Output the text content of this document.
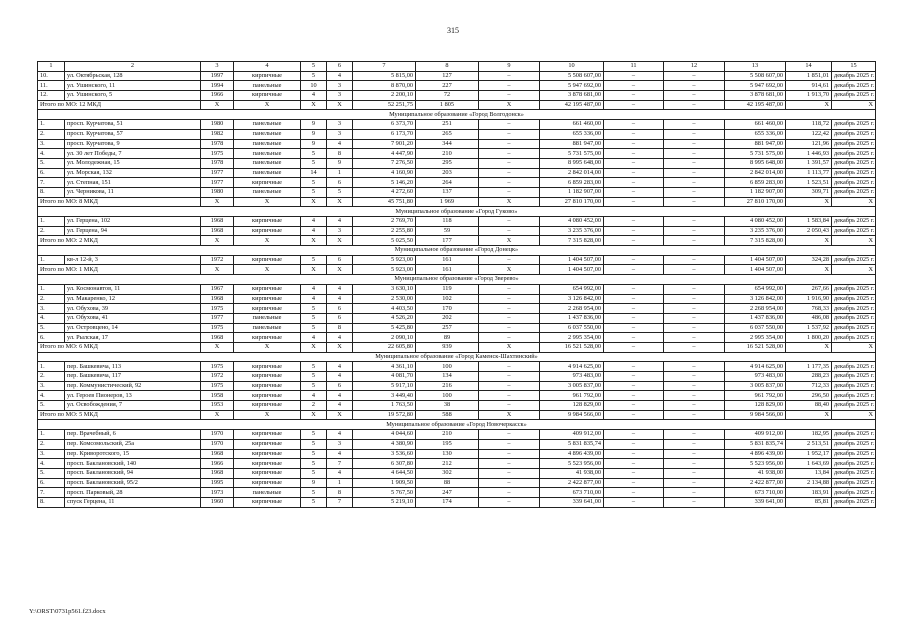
315
1	2	3	4	5	6	7	8	9	10	11	12	13	14	15
10.	ул. Октябрьская, 128	1997	кирпичные	5	4	5 815,00	127	–	5 508 607,00	–	–	5 508 607,00	1 851,01	декабрь 2025 г.
11.	ул. Ушинского, 11	1994	панельные	10	3	8 870,00	227	–	5 947 692,00	–	–	5 947 692,00	914,61	декабрь 2025 г.
12.	ул. Ушинского, 5	1966	кирпичные	4	3	2 200,10	72	–	3 878 681,00	–	–	3 878 681,00	1 913,70	декабрь 2025 г.
Итого по МО: 12 МКД		X	X	X	X	52 251,75	1 805	X	42 195 487,00	–	–	42 195 487,00	X	X
Муниципальное образование «Город Волгодонск»														
1.	просп. Курчатова, 51	1980	панельные	9	3	6 373,70	251	–	661 460,00	–	–	661 460,00	118,72	декабрь 2025 г.
2.	просп. Курчатова, 57	1982	панельные	9	3	6 173,70	265	–	655 336,00	–	–	655 336,00	122,42	декабрь 2025 г.
3.	просп. Курчатова, 9	1978	панельные	9	4	7 901,20	344	–	881 947,00	–	–	881 947,00	121,96	декабрь 2025 г.
4.	ул. 30 лет Победы, 7	1975	панельные	5	8	4 447,90	210	–	5 731 575,00	–	–	5 731 575,00	1 446,93	декабрь 2025 г.
5.	ул. Молодежная, 15	1978	панельные	5	9	7 276,50	295	–	8 995 648,00	–	–	8 995 648,00	1 391,57	декабрь 2025 г.
6.	ул. Морская, 132	1977	панельные	14	1	4 160,90	203	–	2 842 014,00	–	–	2 842 014,00	1 113,77	декабрь 2025 г.
7.	ул. Степная, 151	1977	кирпичные	5	6	5 146,20	264	–	6 859 283,00	–	–	6 859 283,00	1 523,51	декабрь 2025 г.
8.	ул. Черникова, 11	1980	панельные	5	5	4 272,60	137	–	1 182 907,00	–	–	1 182 907,00	309,71	декабрь 2025 г.
Итого по МО: 8 МКД		X	X	X	X	45 751,80	1 969	X	27 810 170,00	–	–	27 810 170,00	X	X
Муниципальное образование «Город Гуково»														
1.	ул. Герцена, 102	1968	кирпичные	4	4	2 769,70	118	–	4 080 452,00	–	–	4 080 452,00	1 583,84	декабрь 2025 г.
2.	ул. Герцена, 94	1968	кирпичные	4	3	2 255,80	59	–	3 235 376,00	–	–	3 235 376,00	2 050,43	декабрь 2025 г.
Итого по МО: 2 МКД		X	X	X	X	5 025,50	177	X	7 315 828,00	–	–	7 315 828,00	X	X
Муниципальное образование «Город Донецк»														
1.	кв-л 12-й, 3	1972	кирпичные	5	6	5 923,00	161	–	1 404 507,00	–	–	1 404 507,00	324,28	декабрь 2025 г.
Итого по МО: 1 МКД		X	X	X	X	5 923,00	161	X	1 404 507,00	–	–	1 404 507,00	X	X
Муниципальное образование «Город Зверево»														
1.	ул. Космонавтов, 11	1967	кирпичные	4	4	3 630,10	119	–	654 992,00	–	–	654 992,00	267,66	декабрь 2025 г.
2.	ул. Макаренко, 12	1968	кирпичные	4	4	2 530,00	102	–	3 126 842,00	–	–	3 126 842,00	1 916,90	декабрь 2025 г.
3.	ул. Обухова, 39	1975	кирпичные	5	6	4 403,50	170	–	2 268 954,00	–	–	2 268 954,00	768,33	декабрь 2025 г.
4.	ул. Обухова, 41	1977	панельные	5	6	4 526,20	202	–	1 437 836,00	–	–	1 437 836,00	486,08	декабрь 2025 г.
5.	ул. Островцено, 14	1975	панельные	5	8	5 425,80	257	–	6 037 550,00	–	–	6 037 550,00	1 537,92	декабрь 2025 г.
6.	ул. Рылская, 17	1968	кирпичные	4	4	2 090,10	89	–	2 995 354,00	–	–	2 995 354,00	1 800,20	декабрь 2025 г.
Итого по МО: 6 МКД		X	X	X	X	22 605,80	939	X	16 521 528,00	–	–	16 521 528,00	X	X
Муниципальное образование «Город Каменск-Шахтинский»														
1.	пер. Башкевича, 113	1975	кирпичные	5	4	4 361,10	100	–	4 914 625,00	–	–	4 914 625,00	1 177,35	декабрь 2025 г.
2.	пер. Башкевича, 117	1972	кирпичные	5	4	4 081,70	134	–	973 483,00	–	–	973 483,00	288,23	декабрь 2025 г.
3.	пер. Коммунистический, 92	1975	кирпичные	5	6	5 917,10	216	–	3 005 837,00	–	–	3 005 837,00	712,33	декабрь 2025 г.
4.	ул. Героев Пионеров, 13	1958	кирпичные	4	4	3 449,40	100	–	961 792,00	–	–	961 792,00	296,50	декабрь 2025 г.
5.	ул. Освобождения, 7	1953	кирпичные	2	4	1 763,50	38	–	128 829,00	–	–	128 829,00	88,40	декабрь 2025 г.
Итого по МО: 5 МКД		X	X	X	X	19 572,80	588	X	9 984 566,00	–	–	9 984 566,00	X	X
Муниципальное образование «Город Новочеркасск»														
1.	пер. Врачебный, 6	1970	кирпичные	5	4	4 044,60	210	–	409 912,00	–	–	409 912,00	182,95	декабрь 2025 г.
2.	пер. Комсомольский, 25а	1970	кирпичные	5	3	4 380,90	195	–	5 831 835,74	–	–	5 831 835,74	2 513,51	декабрь 2025 г.
3.	пер. Криворотского, 15	1968	кирпичные	5	4	3 536,60	130	–	4 896 439,00	–	–	4 896 439,00	1 952,17	декабрь 2025 г.
4.	просп. Баклановский, 140	1966	кирпичные	5	7	6 307,80	212	–	5 523 956,00	–	–	5 523 956,00	1 643,69	декабрь 2025 г.
5.	просп. Баклановский, 94	1968	кирпичные	5	4	4 644,50	302	–	41 938,00	–	–	41 938,00	13,84	декабрь 2025 г.
6.	просп. Баклановский, 95/2	1995	кирпичные	9	1	1 909,50	88	–	2 422 877,00	–	–	2 422 877,00	2 134,88	декабрь 2025 г.
7.	просп. Парковый, 28	1973	панельные	5	8	5 767,50	247	–	673 710,00	–	–	673 710,00	183,91	декабрь 2025 г.
8.	спуск Герцена, 11	1960	кирпичные	5	7	5 219,10	174	–	339 641,00	–	–	339 641,00	85,81	декабрь 2025 г.
Y:\ORST\0731p561.f23.docx
